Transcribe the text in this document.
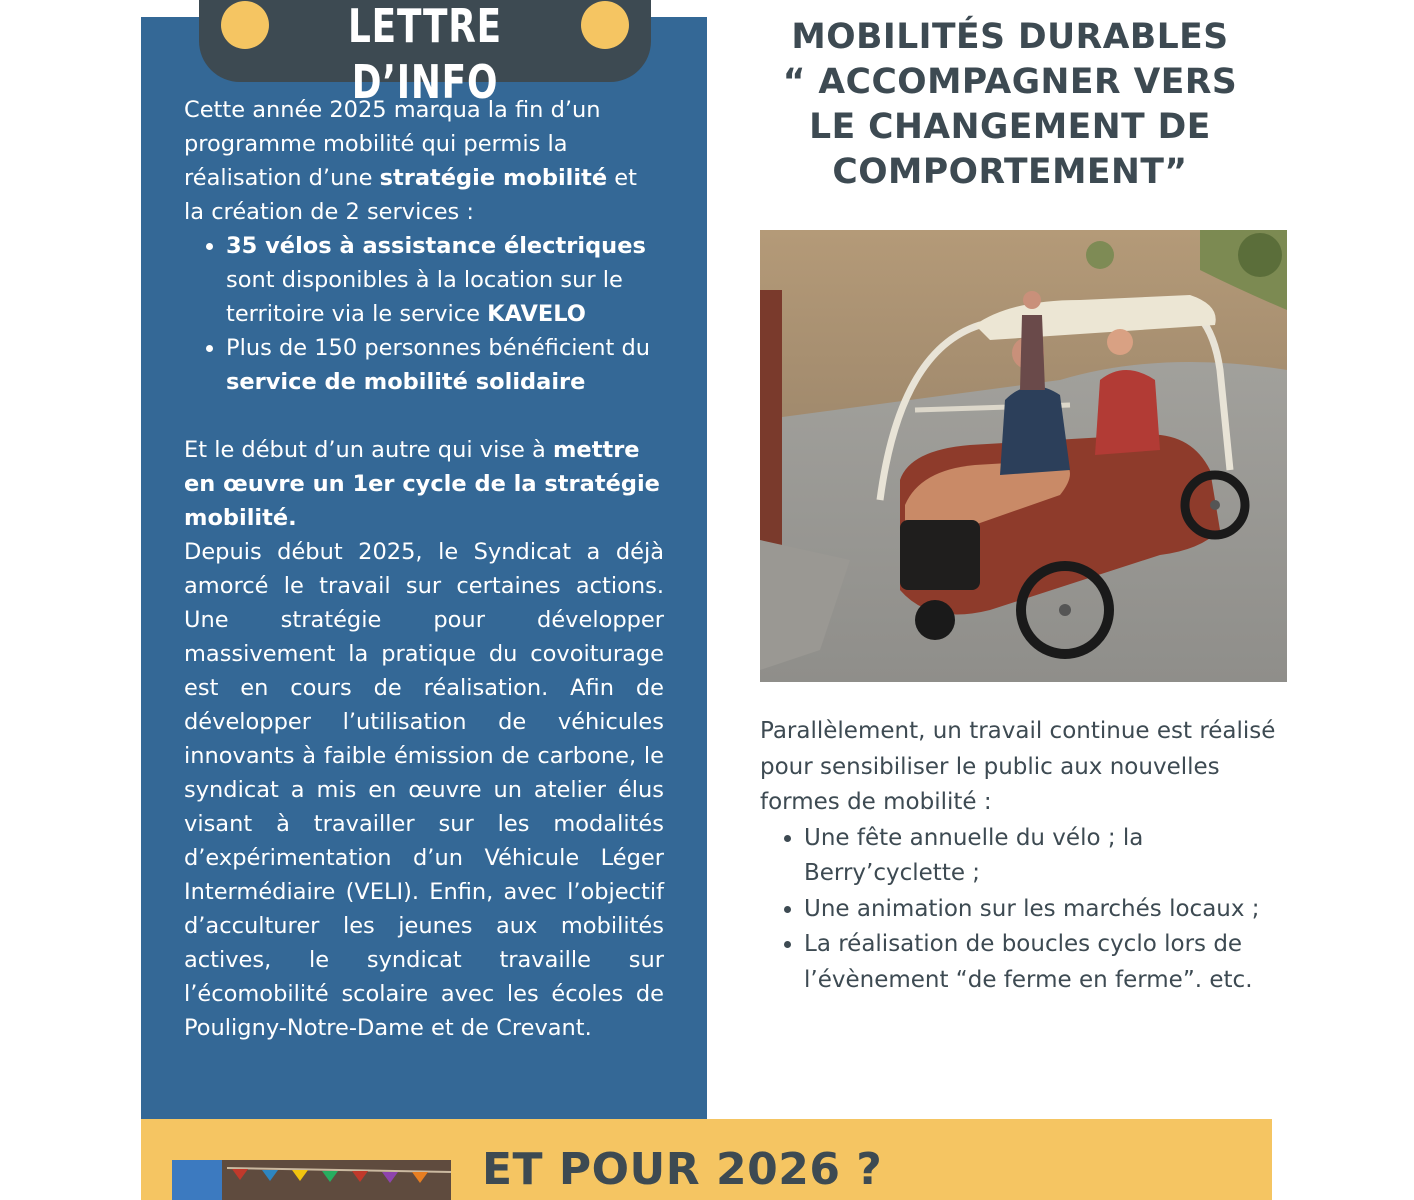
LETTRE D’INFO

Cette année 2025 marqua la fin d’un programme mobilité qui permis la réalisation d’une stratégie mobilité et la création de 2 services :

• 35 vélos à assistance électriques sont disponibles à la location sur le territoire via le service KAVELO
• Plus de 150 personnes bénéficient du service de mobilité solidaire

Et le début d’un autre qui vise à mettre en œuvre un 1er cycle de la stratégie mobilité.

Depuis début 2025, le Syndicat a déjà amorcé le travail sur certaines actions. Une stratégie pour développer massivement la pratique du covoiturage est en cours de réalisation. Afin de développer l’utilisation de véhicules innovants à faible émission de carbone, le syndicat a mis en œuvre un atelier élus visant à travailler sur les modalités d’expérimentation d’un Véhicule Léger Intermédiaire (VELI). Enfin, avec l’objectif d’acculturer les jeunes aux mobilités actives, le syndicat travaille sur l’écomobilité scolaire avec les écoles de Pouligny-Notre-Dame et de Crevant.

MOBILITÉS DURABLES
“ ACCOMPAGNER VERS
LE CHANGEMENT DE
COMPORTEMENT”

Parallèlement, un travail continue est réalisé pour sensibiliser le public aux nouvelles formes de mobilité :

• Une fête annuelle du vélo ; la Berry’cyclette ;
• Une animation sur les marchés locaux ;
• La réalisation de boucles cyclo lors de l’évènement “de ferme en ferme”. etc.
ET POUR 2026 ?
